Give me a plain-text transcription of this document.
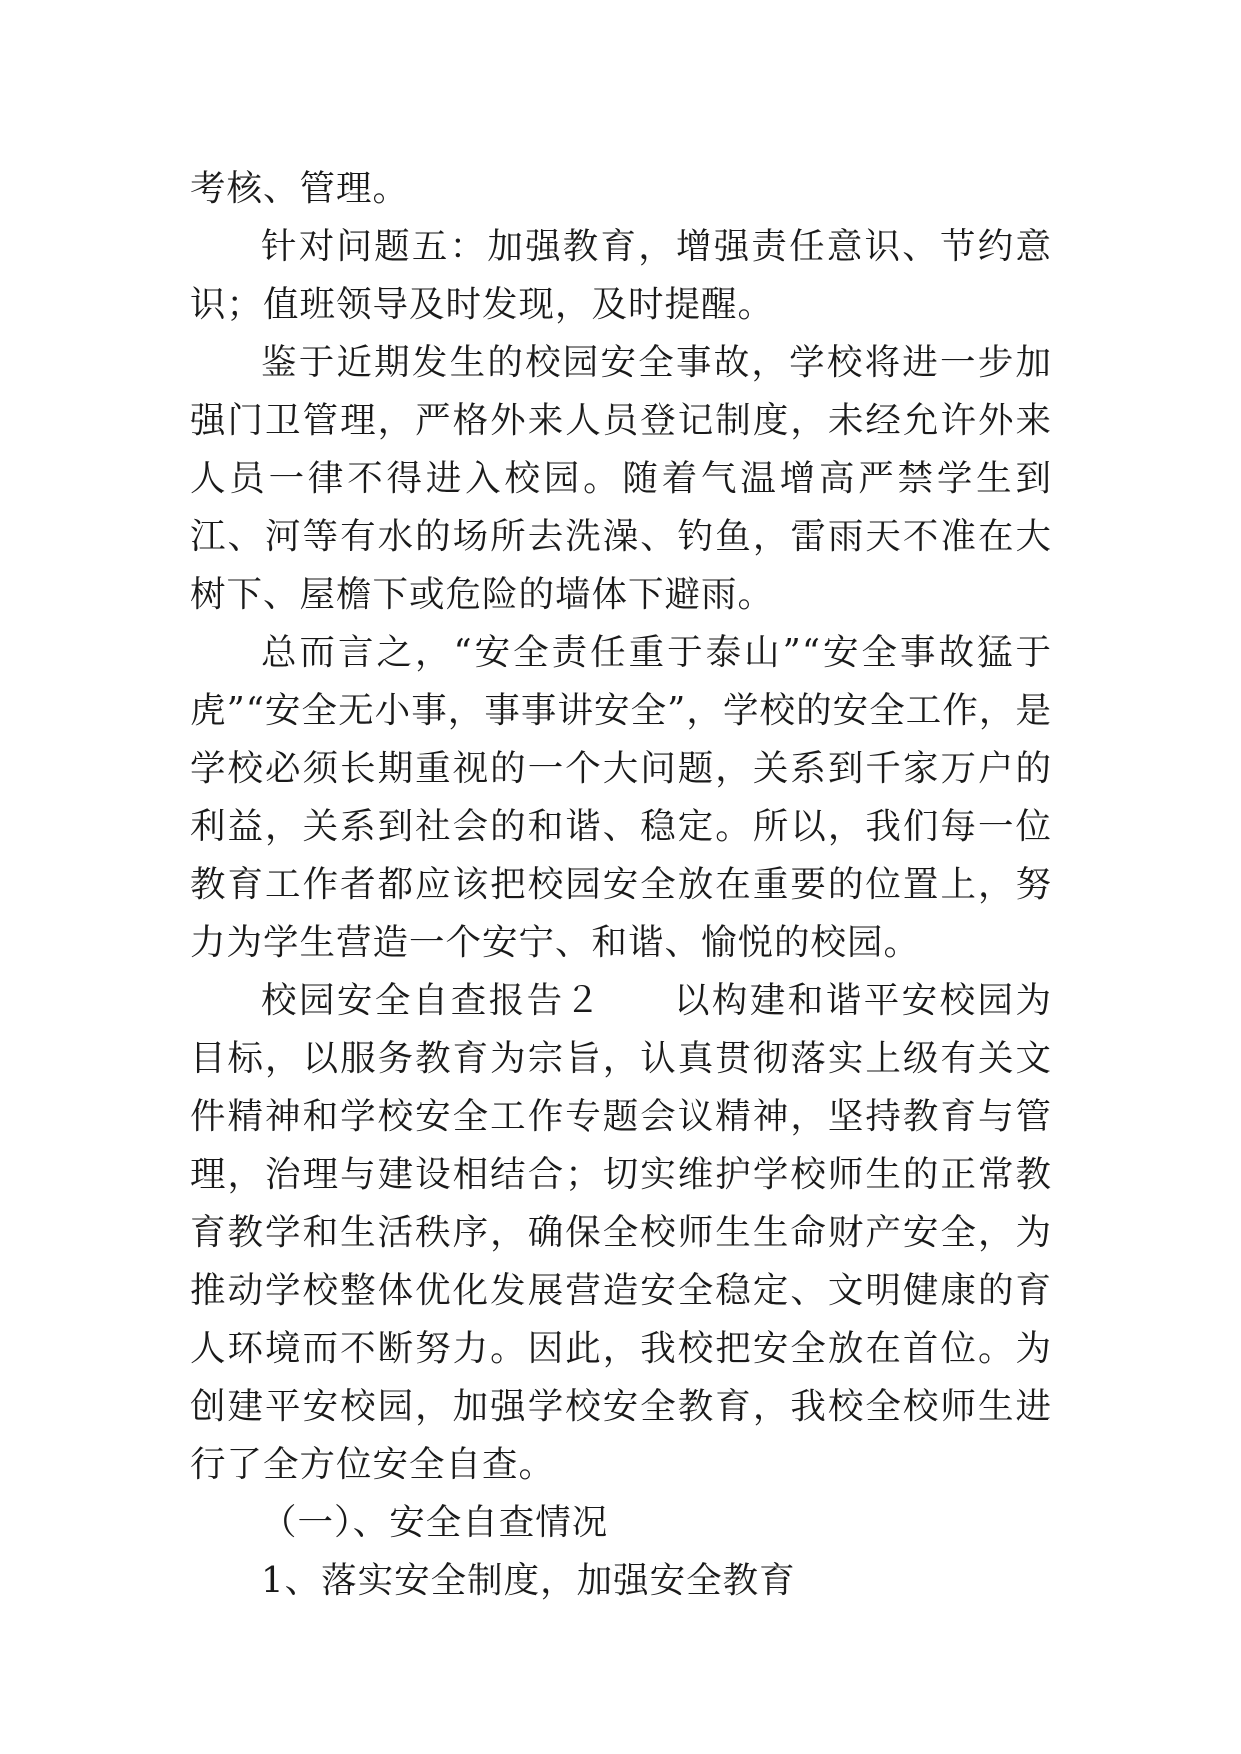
考核、管理。

针对问题五：加强教育，增强责任意识、节约意识；值班领导及时发现，及时提醒。

鉴于近期发生的校园安全事故，学校将进一步加强门卫管理，严格外来人员登记制度，未经允许外来人员一律不得进入校园。随着气温增高严禁学生到江、河等有水的场所去洗澡、钓鱼，雷雨天不准在大树下、屋檐下或危险的墙体下避雨。

总而言之，“安全责任重于泰山”“安全事故猛于虎”“安全无小事，事事讲安全”，学校的安全工作，是学校必须长期重视的一个大问题，关系到千家万户的利益，关系到社会的和谐、稳定。所以，我们每一位教育工作者都应该把校园安全放在重要的位置上，努力为学生营造一个安宁、和谐、愉悦的校园。

校园安全自查报告２ 以构建和谐平安校园为目标，以服务教育为宗旨，认真贯彻落实上级有关文件精神和学校安全工作专题会议精神，坚持教育与管理，治理与建设相结合；切实维护学校师生的正常教育教学和生活秩序，确保全校师生生命财产安全，为推动学校整体优化发展营造安全稳定、文明健康的育人环境而不断努力。因此，我校把安全放在首位。为创建平安校园，加强学校安全教育，我校全校师生进行了全方位安全自查。

（一）、安全自查情况

1、落实安全制度，加强安全教育
